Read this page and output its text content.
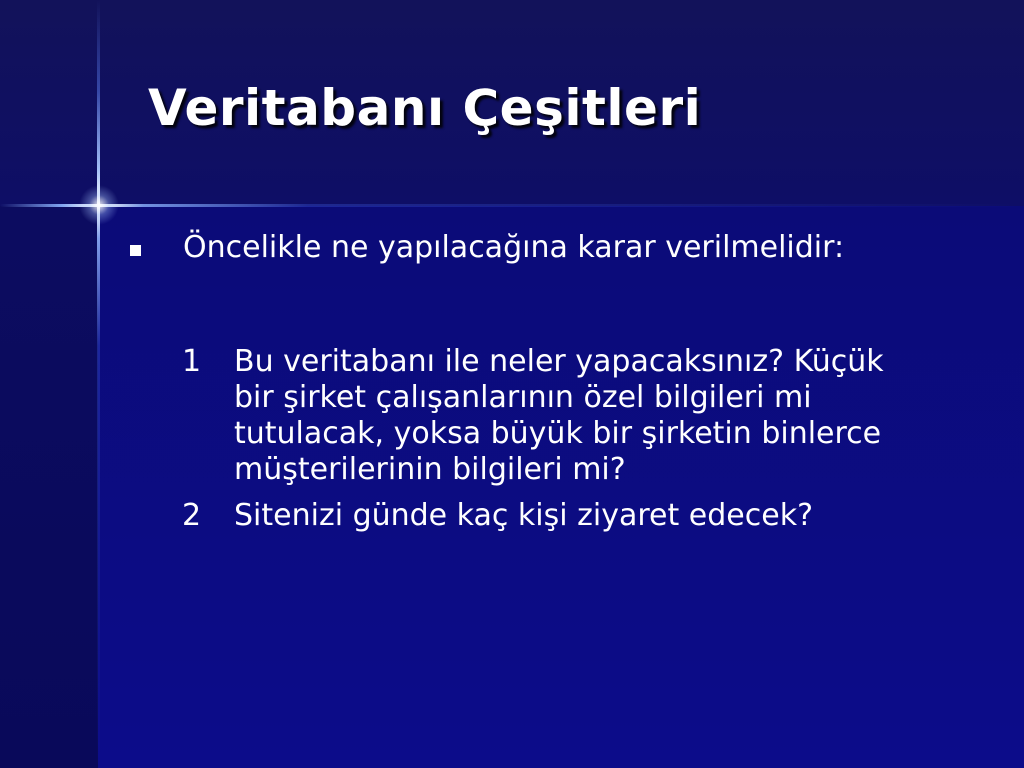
Veritabanı Çeşitleri
Öncelikle ne yapılacağına karar verilmelidir:
1	Bu veritabanı ile neler yapacaksınız? Küçük bir şirket çalışanlarının özel bilgileri mi tutulacak, yoksa büyük bir şirketin binlerce müşterilerinin bilgileri mi?
2	Sitenizi günde kaç kişi ziyaret edecek?
